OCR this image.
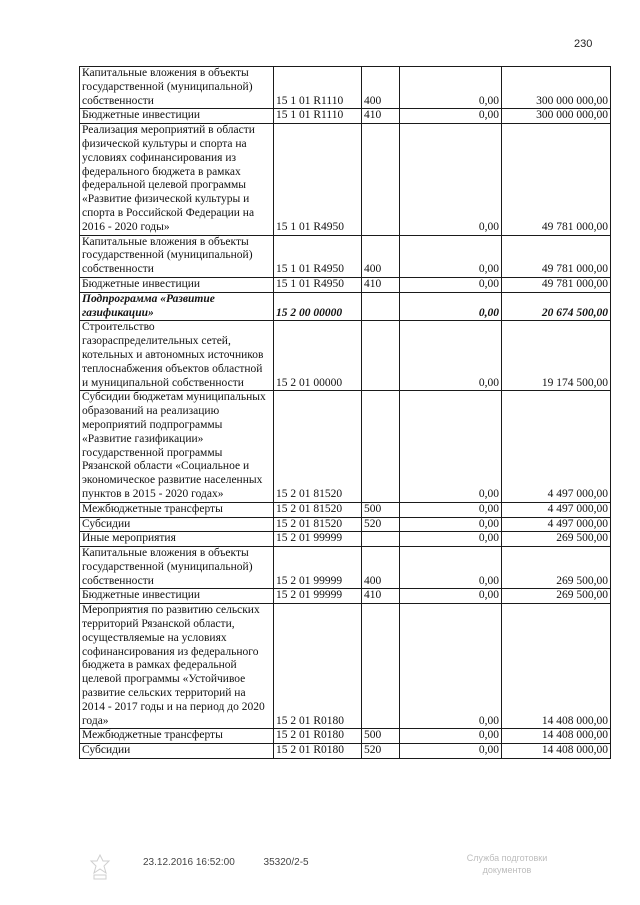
230
Капитальные вложения в объекты государственной (муниципальной) собственности	15 1 01 R1110	400	0,00	300 000 000,00
Бюджетные инвестиции	15 1 01 R1110	410	0,00	300 000 000,00
Реализация мероприятий в области физической культуры и спорта на условиях софинансирования из федерального бюджета в рамках федеральной целевой программы «Развитие физической культуры и спорта в Российской Федерации на 2016 - 2020 годы»	15 1 01 R4950		0,00	49 781 000,00
Капитальные вложения в объекты государственной (муниципальной) собственности	15 1 01 R4950	400	0,00	49 781 000,00
Бюджетные инвестиции	15 1 01 R4950	410	0,00	49 781 000,00
Подпрограмма «Развитие газификации»	15 2 00 00000		0,00	20 674 500,00
Строительство газораспределительных сетей, котельных и автономных источников теплоснабжения объектов областной и муниципальной собственности	15 2 01 00000		0,00	19 174 500,00
Субсидии бюджетам муниципальных образований на реализацию мероприятий подпрограммы «Развитие газификации» государственной программы Рязанской области «Социальное и экономическое развитие населенных пунктов в 2015 - 2020 годах»	15 2 01 81520		0,00	4 497 000,00
Межбюджетные трансферты	15 2 01 81520	500	0,00	4 497 000,00
Субсидии	15 2 01 81520	520	0,00	4 497 000,00
Иные мероприятия	15 2 01 99999		0,00	269 500,00
Капитальные вложения в объекты государственной (муниципальной) собственности	15 2 01 99999	400	0,00	269 500,00
Бюджетные инвестиции	15 2 01 99999	410	0,00	269 500,00
Мероприятия по развитию сельских территорий Рязанской области, осуществляемые на условиях софинансирования из федерального бюджета в рамках федеральной целевой программы «Устойчивое развитие сельских территорий на 2014 - 2017 годы и на период до 2020 года»	15 2 01 R0180		0,00	14 408 000,00
Межбюджетные трансферты	15 2 01 R0180	500	0,00	14 408 000,00
Субсидии	15 2 01 R0180	520	0,00	14 408 000,00
23.12.2016 16:52:00	35320/2-5	Служба подготовки
документов
